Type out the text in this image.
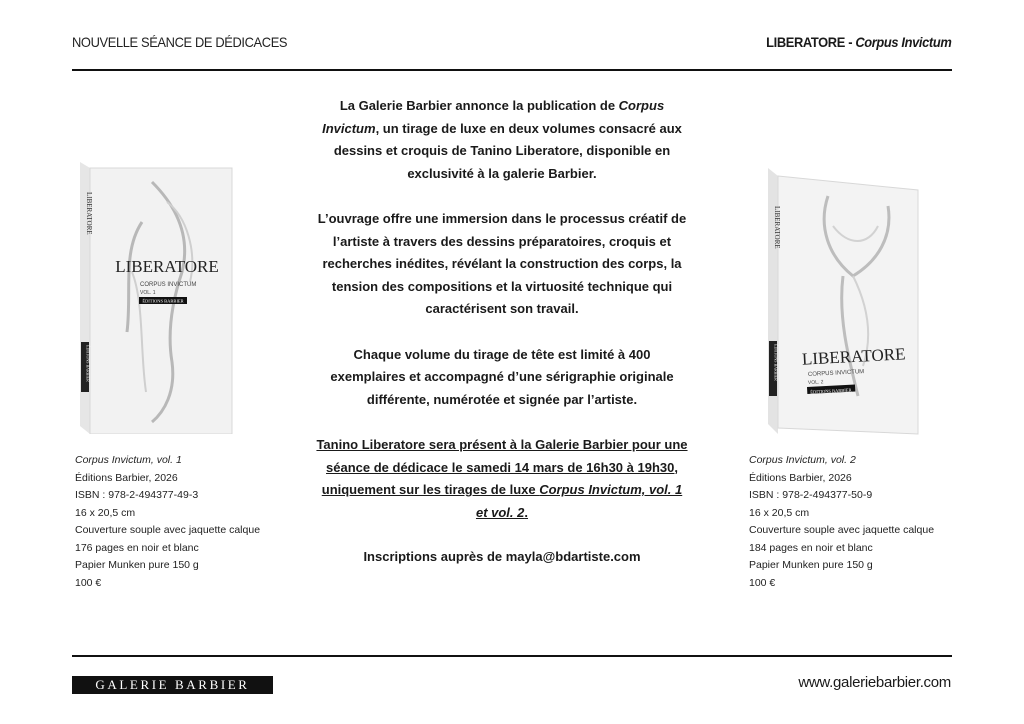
NOUVELLE SÉANCE DE DÉDICACES	LIBERATORE - Corpus Invictum
LIBERATORE
CORPUS INVICTUM
VOL. 1
ÉDITIONS BARBIER
LIBERATORE
ÉDITIONS BARBIER
Corpus Invictum, vol. 1
Éditions Barbier, 2026
ISBN : 978-2-494377-49-3
16 x 20,5 cm
Couverture souple avec jaquette calque
176 pages en noir et blanc
Papier Munken pure 150 g
100 €
LIBERATORE
CORPUS INVICTUM
VOL. 2
ÉDITIONS BARBIER
LIBERATORE
ÉDITIONS BARBIER
Corpus Invictum, vol. 2
Éditions Barbier, 2026
ISBN : 978-2-494377-50-9
16 x 20,5 cm
Couverture souple avec jaquette calque
184 pages en noir et blanc
Papier Munken pure 150 g
100 €

La Galerie Barbier annonce la publication de Corpus Invictum, un tirage de luxe en deux volumes consacré aux dessins et croquis de Tanino Liberatore, disponible en exclusivité à la galerie Barbier.

L’ouvrage offre une immersion dans le processus créatif de l’artiste à travers des dessins préparatoires, croquis et recherches inédites, révélant la construction des corps, la tension des compositions et la virtuosité technique qui caractérisent son travail.

Chaque volume du tirage de tête est limité à 400 exemplaires et accompagné d’une sérigraphie originale différente, numérotée et signée par l’artiste.

Tanino Liberatore sera présent à la Galerie Barbier pour une séance de dédicace le samedi 14 mars de 16h30 à 19h30, uniquement sur les tirages de luxe Corpus Invictum, vol. 1 et vol. 2.

Inscriptions auprès de mayla@bdartiste.com

GALERIE BARBIER	www.galeriebarbier.com
